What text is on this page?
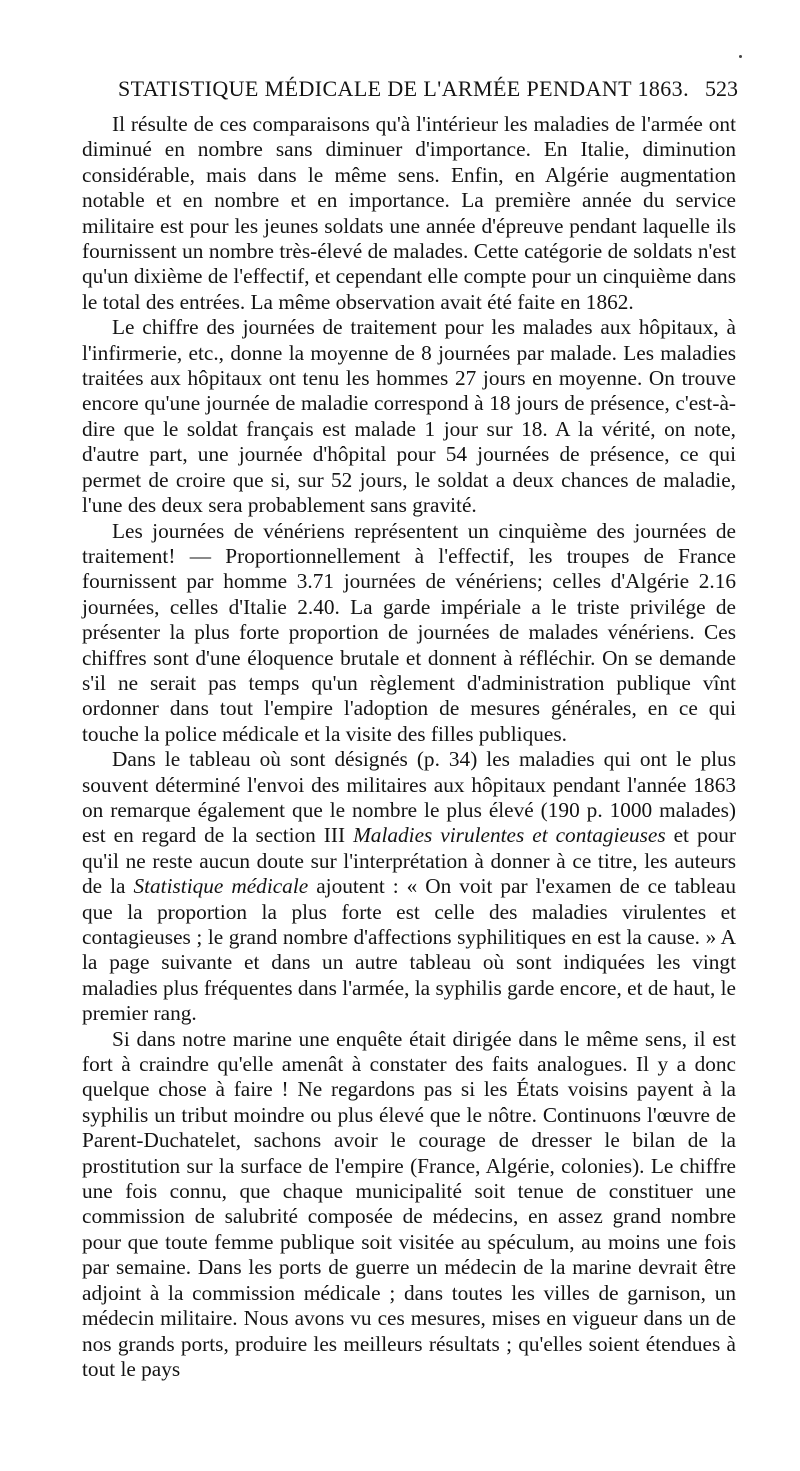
STATISTIQUE MÉDICALE DE L'ARMÉE PENDANT 1863. 523

Il résulte de ces comparaisons qu'à l'intérieur les maladies de l'armée ont diminué en nombre sans diminuer d'importance. En Italie, diminution considérable, mais dans le même sens. Enfin, en Algérie augmentation notable et en nombre et en importance. La première année du service militaire est pour les jeunes soldats une année d'épreuve pendant laquelle ils fournissent un nombre très-élevé de malades. Cette catégorie de soldats n'est qu'un dixième de l'effectif, et cependant elle compte pour un cinquième dans le total des entrées. La même observation avait été faite en 1862.

Le chiffre des journées de traitement pour les malades aux hôpitaux, à l'infirmerie, etc., donne la moyenne de 8 journées par malade. Les maladies traitées aux hôpitaux ont tenu les hommes 27 jours en moyenne. On trouve encore qu'une journée de maladie correspond à 18 jours de présence, c'est-à-dire que le soldat français est malade 1 jour sur 18. A la vérité, on note, d'autre part, une journée d'hôpital pour 54 journées de présence, ce qui permet de croire que si, sur 52 jours, le soldat a deux chances de maladie, l'une des deux sera probablement sans gravité.

Les journées de vénériens représentent un cinquième des journées de traitement! — Proportionnellement à l'effectif, les troupes de France fournissent par homme 3.71 journées de vénériens; celles d'Algérie 2.16 journées, celles d'Italie 2.40. La garde impériale a le triste privilége de présenter la plus forte proportion de journées de malades vénériens. Ces chiffres sont d'une éloquence brutale et donnent à réfléchir. On se demande s'il ne serait pas temps qu'un règlement d'administration publique vînt ordonner dans tout l'empire l'adoption de mesures générales, en ce qui touche la police médicale et la visite des filles publiques.

Dans le tableau où sont désignés (p. 34) les maladies qui ont le plus souvent déterminé l'envoi des militaires aux hôpitaux pendant l'année 1863 on remarque également que le nombre le plus élevé (190 p. 1000 malades) est en regard de la section III Maladies virulentes et contagieuses et pour qu'il ne reste aucun doute sur l'interprétation à donner à ce titre, les auteurs de la Statistique médicale ajoutent : « On voit par l'examen de ce tableau que la proportion la plus forte est celle des maladies virulentes et contagieuses ; le grand nombre d'affections syphilitiques en est la cause. » A la page suivante et dans un autre tableau où sont indiquées les vingt maladies plus fréquentes dans l'armée, la syphilis garde encore, et de haut, le premier rang.

Si dans notre marine une enquête était dirigée dans le même sens, il est fort à craindre qu'elle amenât à constater des faits analogues. Il y a donc quelque chose à faire ! Ne regardons pas si les États voisins payent à la syphilis un tribut moindre ou plus élevé que le nôtre. Continuons l'œuvre de Parent-Duchatelet, sachons avoir le courage de dresser le bilan de la prostitution sur la surface de l'empire (France, Algérie, colonies). Le chiffre une fois connu, que chaque municipalité soit tenue de constituer une commission de salubrité composée de médecins, en assez grand nombre pour que toute femme publique soit visitée au spéculum, au moins une fois par semaine. Dans les ports de guerre un médecin de la marine devrait être adjoint à la commission médicale ; dans toutes les villes de garnison, un médecin militaire. Nous avons vu ces mesures, mises en vigueur dans un de nos grands ports, produire les meilleurs résultats ; qu'elles soient étendues à tout le pays
